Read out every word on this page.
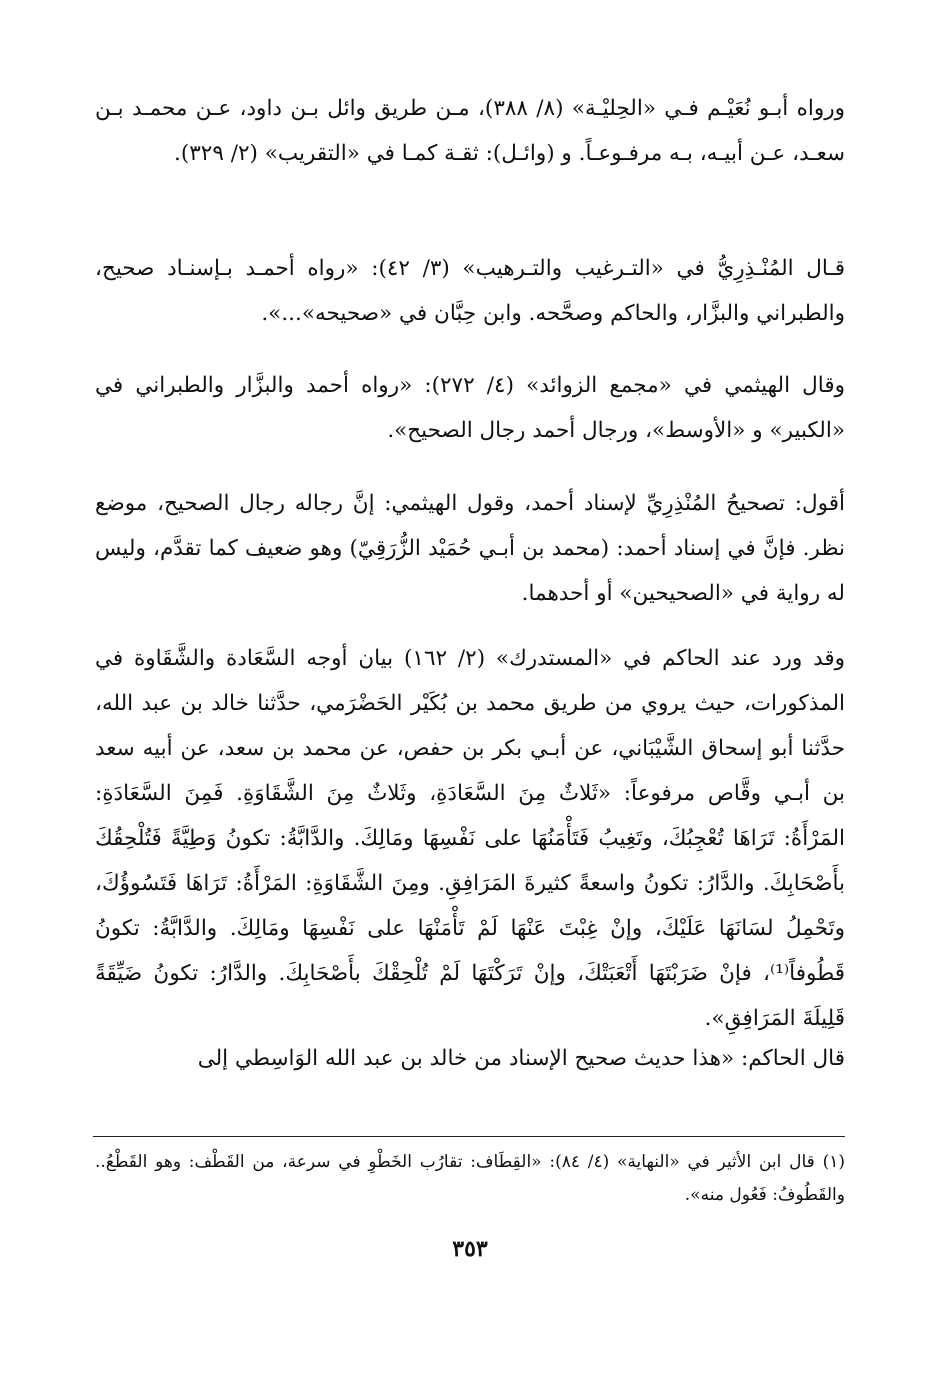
ورواه أبـو نُعَيْـم فـي «الحِليْـة» (٨/ ٣٨٨)، مـن طريق وائل بـن داود، عـن محمـد بـن سعـد، عـن أبيـه، بـه مرفـوعـاً. و (وائـل): ثقـة كمـا في «التقريب» (٢/ ٣٢٩).

قـال المُنْـذِرِيُّ في «التـرغيب والتـرهيب» (٣/ ٤٢): «رواه أحمـد بـإسنـاد صحيح، والطبراني والبزَّار، والحاكم وصحَّحه. وابن حِبَّان في «صحيحه»...».

وقال الهيثمي في «مجمع الزوائد» (٤/ ٢٧٢): «رواه أحمد والبزَّار والطبراني في «الكبير» و «الأوسط»، ورجال أحمد رجال الصحيح».

أقول: تصحيحُ المُنْذِرِيِّ لإسناد أحمد، وقول الهيثمي: إنَّ رجاله رجال الصحيح، موضع نظر. فإنَّ في إسناد أحمد: (محمد بن أبـي حُمَيْد الزُّرَقِيّ) وهو ضعيف كما تقدَّم، وليس له رواية في «الصحيحين» أو أحدهما.

وقد ورد عند الحاكم في «المستدرك» (٢/ ١٦٢) بيان أوجه السَّعَادة والشَّقَاوة في المذكورات، حيث يروي من طريق محمد بن بُكَيْر الحَضْرَمي، حدَّثنا خالد بن عبد الله، حدَّثنا أبو إسحاق الشَّيْبَاني، عن أبـي بكر بن حفص، عن محمد بن سعد، عن أبيه سعد بن أبـي وقَّاص مرفوعاً: «ثَلاثٌ مِنَ السَّعَادَةِ، وثَلاثٌ مِنَ الشَّقَاوَةِ. فَمِنَ السَّعَادَةِ: المَرْأَةُ: تَرَاهَا تُعْجِبُكَ، وتَغِيبُ فَتَأْمَنُهَا على نَفْسِهَا ومَالِكَ. والدَّابَّةُ: تكونُ وَطِيَّةً فَتُلْحِقُكَ بأَصْحَابِكَ. والدَّارُ: تكونُ واسعةً كثيرةَ المَرَافِقِ. ومِنَ الشَّقَاوَةِ: المَرْأَةُ: تَرَاهَا فَتَسُوؤُكَ، وتَحْمِلُ لسَانَهَا عَلَيْكَ، وإنْ غِبْتَ عَنْهَا لَمْ تَأْمَنْهَا على نَفْسِهَا ومَالِكَ. والدَّابَّةُ: تكونُ قَطُوفاً⁽¹⁾، فإنْ ضَرَبْتَهَا أَتْعَبَتْكَ، وإنْ تَرَكْتَهَا لَمْ تُلْحِقْكَ بأَصْحَابِكَ. والدَّارُ: تكونُ ضَيِّقَةً قَلِيلَةَ المَرَافِقِ».

قال الحاكم: «هذا حديث صحيح الإسناد من خالد بن عبد الله الوَاسِطي إلى

(١) قال ابن الأثير في «النهاية» (٤/ ٨٤): «القِطَاف: تقارُب الخَطْوِ في سرعة، من القَطْف: وهو القَطْعُ.. والقَطُوفُ: فَعُول منه».

٣٥٣
